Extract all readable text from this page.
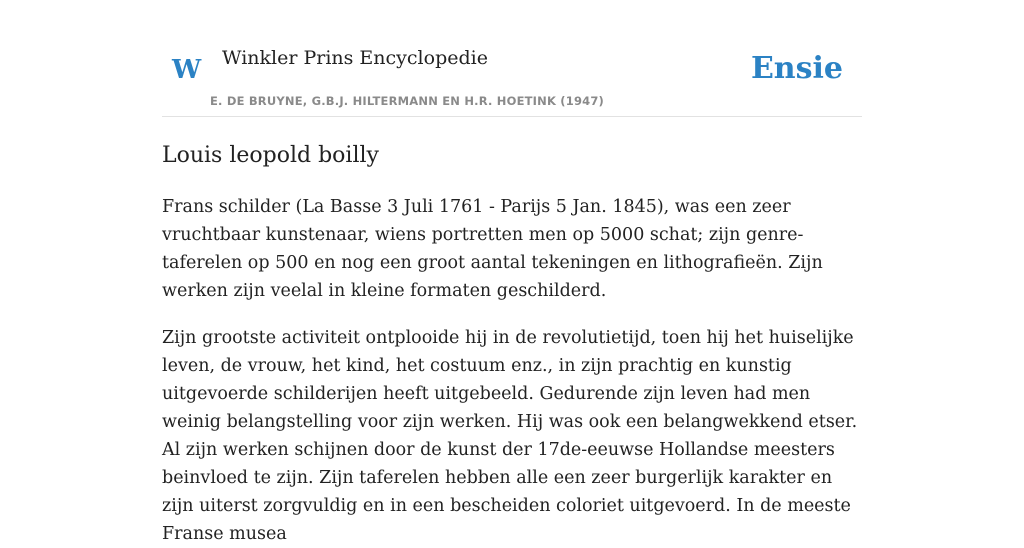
W Winkler Prins Encyclopedie
E. DE BRUYNE, G.B.J. HILTERMANN EN H.R. HOETINK (1947)
Ensie
Louis leopold boilly

Frans schilder (La Basse 3 Juli 1761 - Parijs 5 Jan. 1845), was een zeer vruchtbaar kunstenaar, wiens portretten men op 5000 schat; zijn genre-taferelen op 500 en nog een groot aantal tekeningen en lithografieën. Zijn werken zijn veelal in kleine formaten geschilderd.

Zijn grootste activiteit ontplooide hij in de revolutietijd, toen hij het huiselijke leven, de vrouw, het kind, het costuum enz., in zijn prachtig en kunstig uitgevoerde schilderijen heeft uitgebeeld. Gedurende zijn leven had men weinig belangstelling voor zijn werken. Hij was ook een belangwekkend etser. Al zijn werken schijnen door de kunst der 17de-eeuwse Hollandse meesters beinvloed te zijn. Zijn taferelen hebben alle een zeer burgerlijk karakter en zijn uiterst zorgvuldig en in een bescheiden coloriet uitgevoerd. In de meeste Franse musea
